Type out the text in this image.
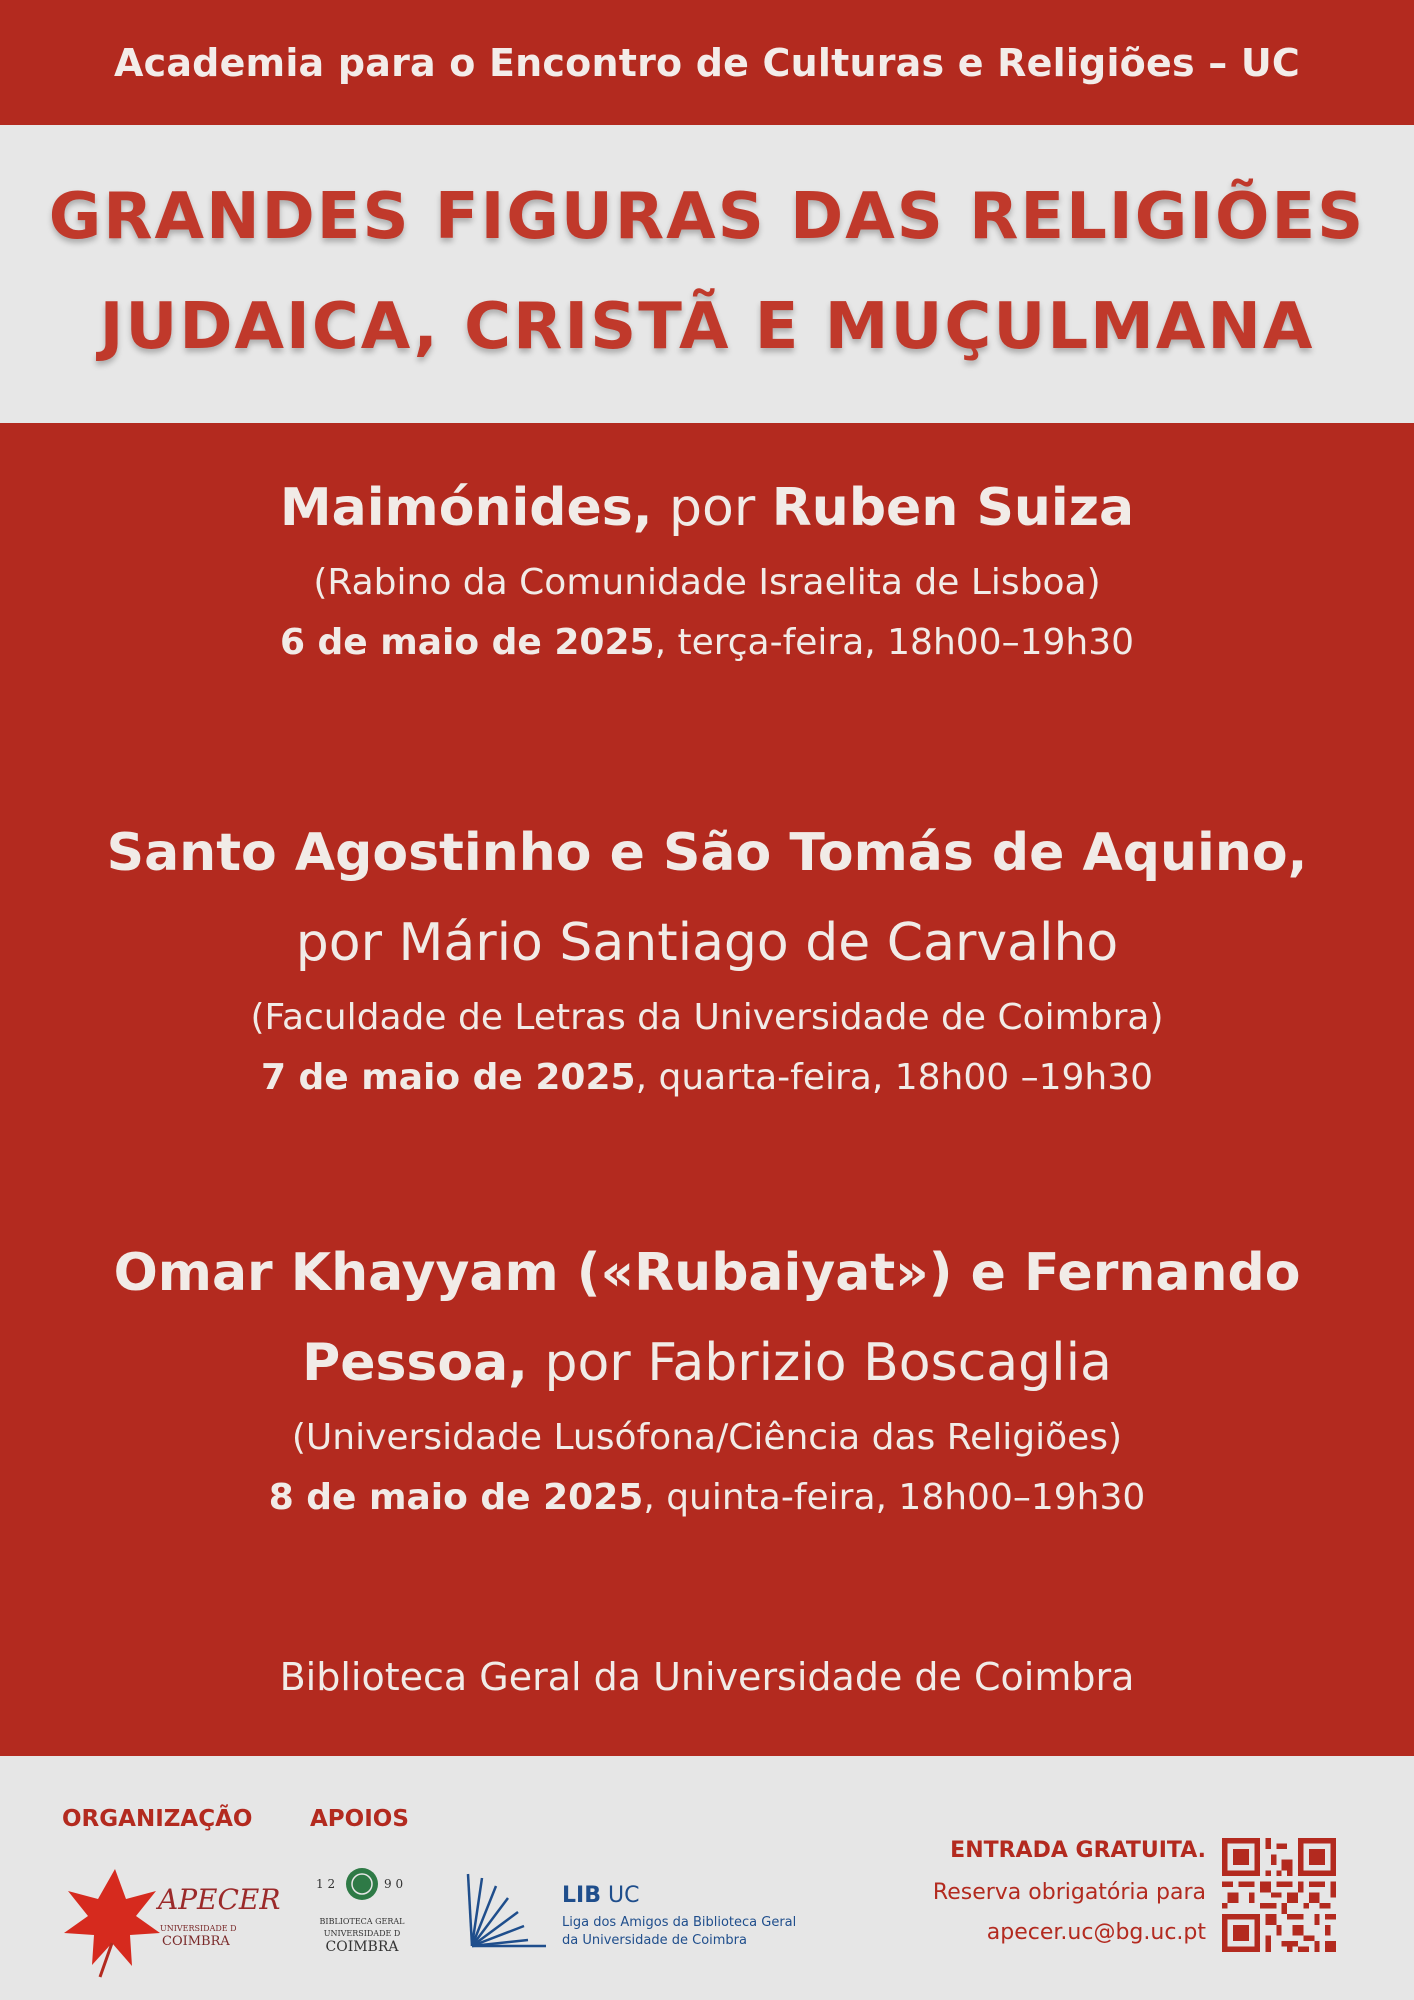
Academia para o Encontro de Culturas e Religiões – UC
GRANDES FIGURAS DAS RELIGIÕES
JUDAICA, CRISTÃ E MUÇULMANA
Maimónides, por Ruben Suiza
(Rabino da Comunidade Israelita de Lisboa)
6 de maio de 2025, terça-feira, 18h00–19h30
Santo Agostinho e São Tomás de Aquino,
por Mário Santiago de Carvalho
(Faculdade de Letras da Universidade de Coimbra)
7 de maio de 2025, quarta-feira, 18h00 –19h30
Omar Khayyam («Rubaiyat») e Fernando
Pessoa, por Fabrizio Boscaglia
(Universidade Lusófona/Ciência das Religiões)
8 de maio de 2025, quinta-feira, 18h00–19h30
Biblioteca Geral da Universidade de Coimbra
ORGANIZAÇÃO	APOIOS
APECER
UNIVERSIDADE D
COIMBRA
1 2	9 0
BIBLIOTECA GERAL
UNIVERSIDADE D
COIMBRA
LIB UC
Liga dos Amigos da Biblioteca Geral
da Universidade de Coimbra
ENTRADA GRATUITA.
Reserva obrigatória para
apecer.uc@bg.uc.pt
